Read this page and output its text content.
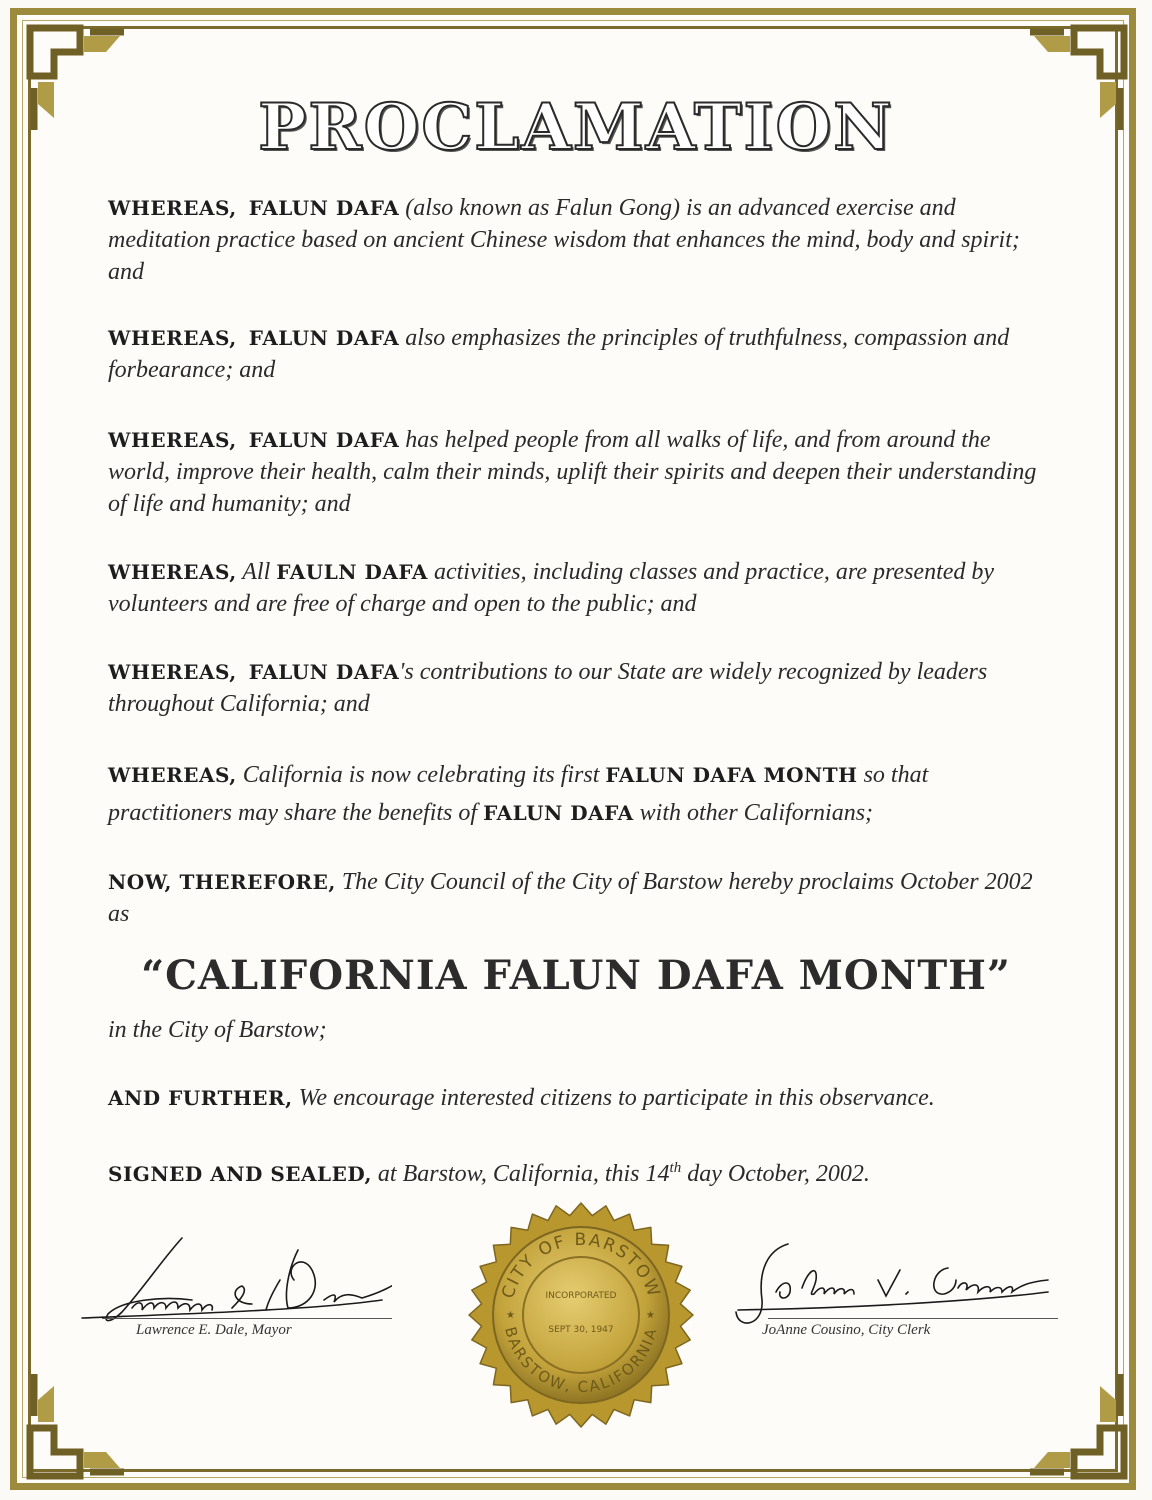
PROCLAMATION
WHEREAS, FALUN DAFA (also known as Falun Gong) is an advanced exercise and meditation practice based on ancient Chinese wisdom that enhances the mind, body and spirit; and
WHEREAS, FALUN DAFA also emphasizes the principles of truthfulness, compassion and forbearance; and
WHEREAS, FALUN DAFA has helped people from all walks of life, and from around the world, improve their health, calm their minds, uplift their spirits and deepen their understanding of life and humanity; and
WHEREAS, All FAULN DAFA activities, including classes and practice, are presented by volunteers and are free of charge and open to the public; and
WHEREAS, FALUN DAFA's contributions to our State are widely recognized by leaders throughout California; and
WHEREAS, California is now celebrating its first FALUN DAFA MONTH so that practitioners may share the benefits of FALUN DAFA with other Californians;
NOW, THEREFORE, The City Council of the City of Barstow hereby proclaims October 2002 as
“CALIFORNIA FALUN DAFA MONTH”
in the City of Barstow;
AND FURTHER, We encourage interested citizens to participate in this observance.
SIGNED AND SEALED, at Barstow, California, this 14th day October, 2002.
Lawrence E. Dale, Mayor
CITY OF BARSTOW
BARSTOW, CALIFORNIA
INCORPORATED
SEPT 30, 1947
★	★
JoAnne Cousino, City Clerk
